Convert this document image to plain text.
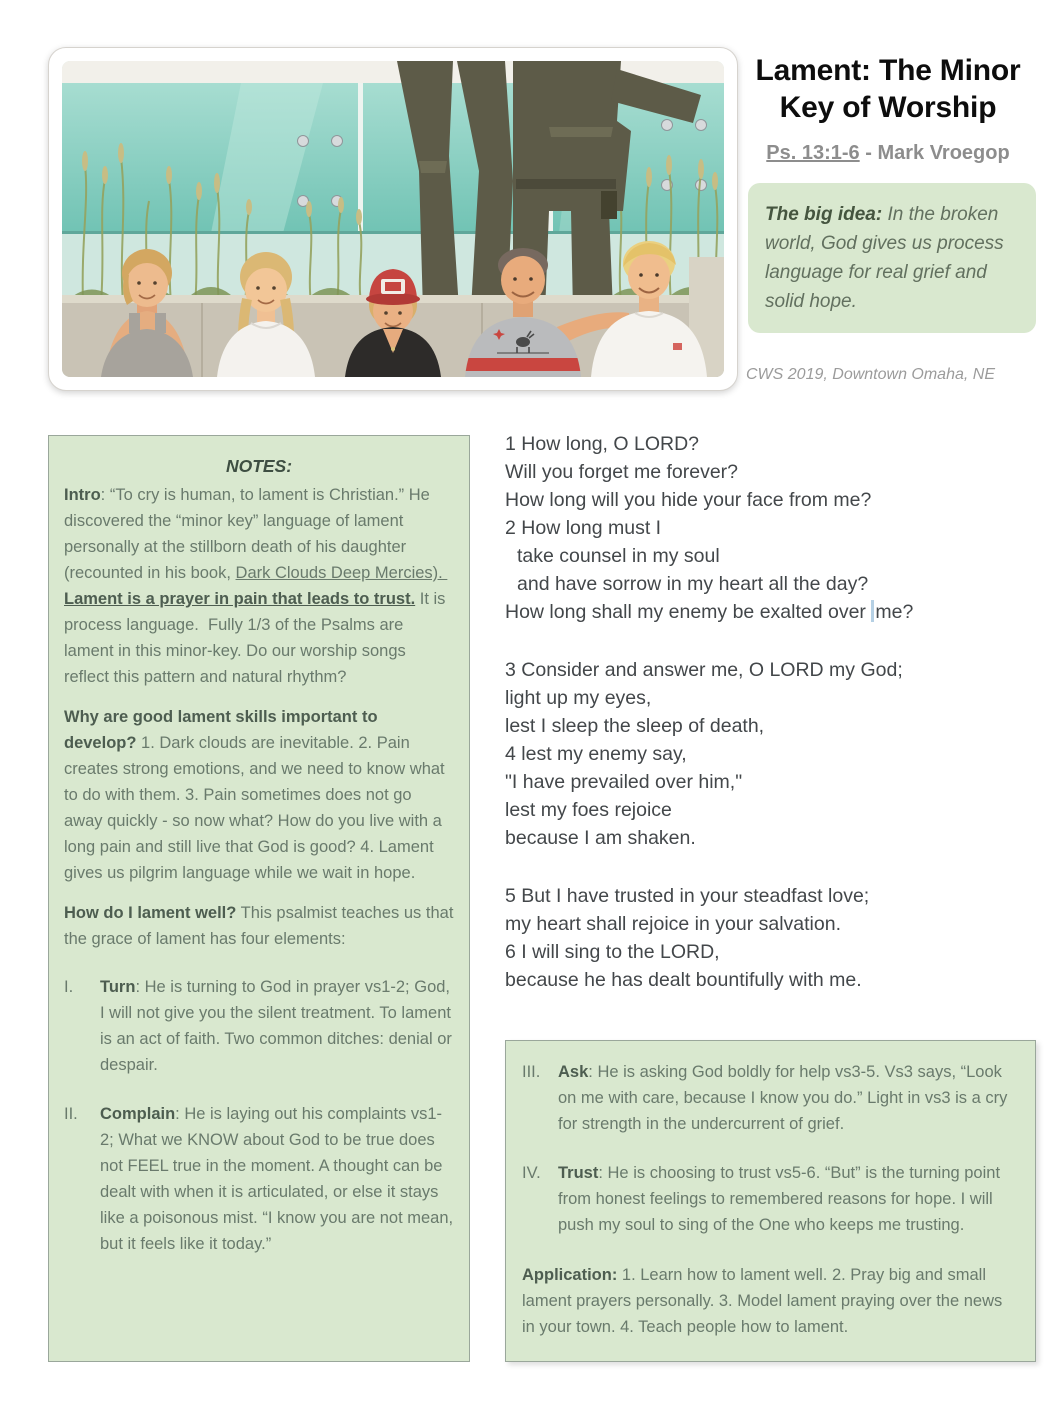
Lament: The Minor Key of Worship
Ps. 13:1-6 - Mark Vroegop
The big idea: In the broken world, God gives us process language for real grief and solid hope.
CWS 2019, Downtown Omaha, NE
NOTES:

Intro: “To cry is human, to lament is Christian.” He discovered the “minor key” language of lament personally at the stillborn death of his daughter (recounted in his book, Dark Clouds Deep Mercies). Lament is a prayer in pain that leads to trust. It is process language.  Fully 1/3 of the Psalms are lament in this minor-key. Do our worship songs reflect this pattern and natural rhythm?

Why are good lament skills important to develop? 1. Dark clouds are inevitable. 2. Pain creates strong emotions, and we need to know what to do with them. 3. Pain sometimes does not go away quickly - so now what? How do you live with a long pain and still live that God is good? 4. Lament gives us pilgrim language while we wait in hope.

How do I lament well? This psalmist teaches us that the grace of lament has four elements:

I.	Turn: He is turning to God in prayer vs1-2; God, I will not give you the silent treatment. To lament is an act of faith. Two common ditches: denial or despair.
II.	Complain: He is laying out his complaints vs1-2; What we KNOW about God to be true does not FEEL true in the moment. A thought can be dealt with when it is articulated, or else it stays like a poisonous mist. “I know you are not mean, but it feels like it today.”
1 How long, O LORD?
Will you forget me forever?
How long will you hide your face from me?
2 How long must I
take counsel in my soul
and have sorrow in my heart all the day?
How long shall my enemy be exalted over me?
3 Consider and answer me, O LORD my God;
light up my eyes,
lest I sleep the sleep of death,
4 lest my enemy say,
"I have prevailed over him,"
lest my foes rejoice
because I am shaken.
5 But I have trusted in your steadfast love;
my heart shall rejoice in your salvation.
6 I will sing to the LORD,
because he has dealt bountifully with me.
III.	Ask: He is asking God boldly for help vs3-5. Vs3 says, “Look on me with care, because I know you do.” Light in vs3 is a cry for strength in the undercurrent of grief.
IV.	Trust: He is choosing to trust vs5-6. “But” is the turning point from honest feelings to remembered reasons for hope. I will push my soul to sing of the One who keeps me trusting.

Application: 1. Learn how to lament well. 2. Pray big and small lament prayers personally. 3. Model lament praying over the news in your town. 4. Teach people how to lament.
